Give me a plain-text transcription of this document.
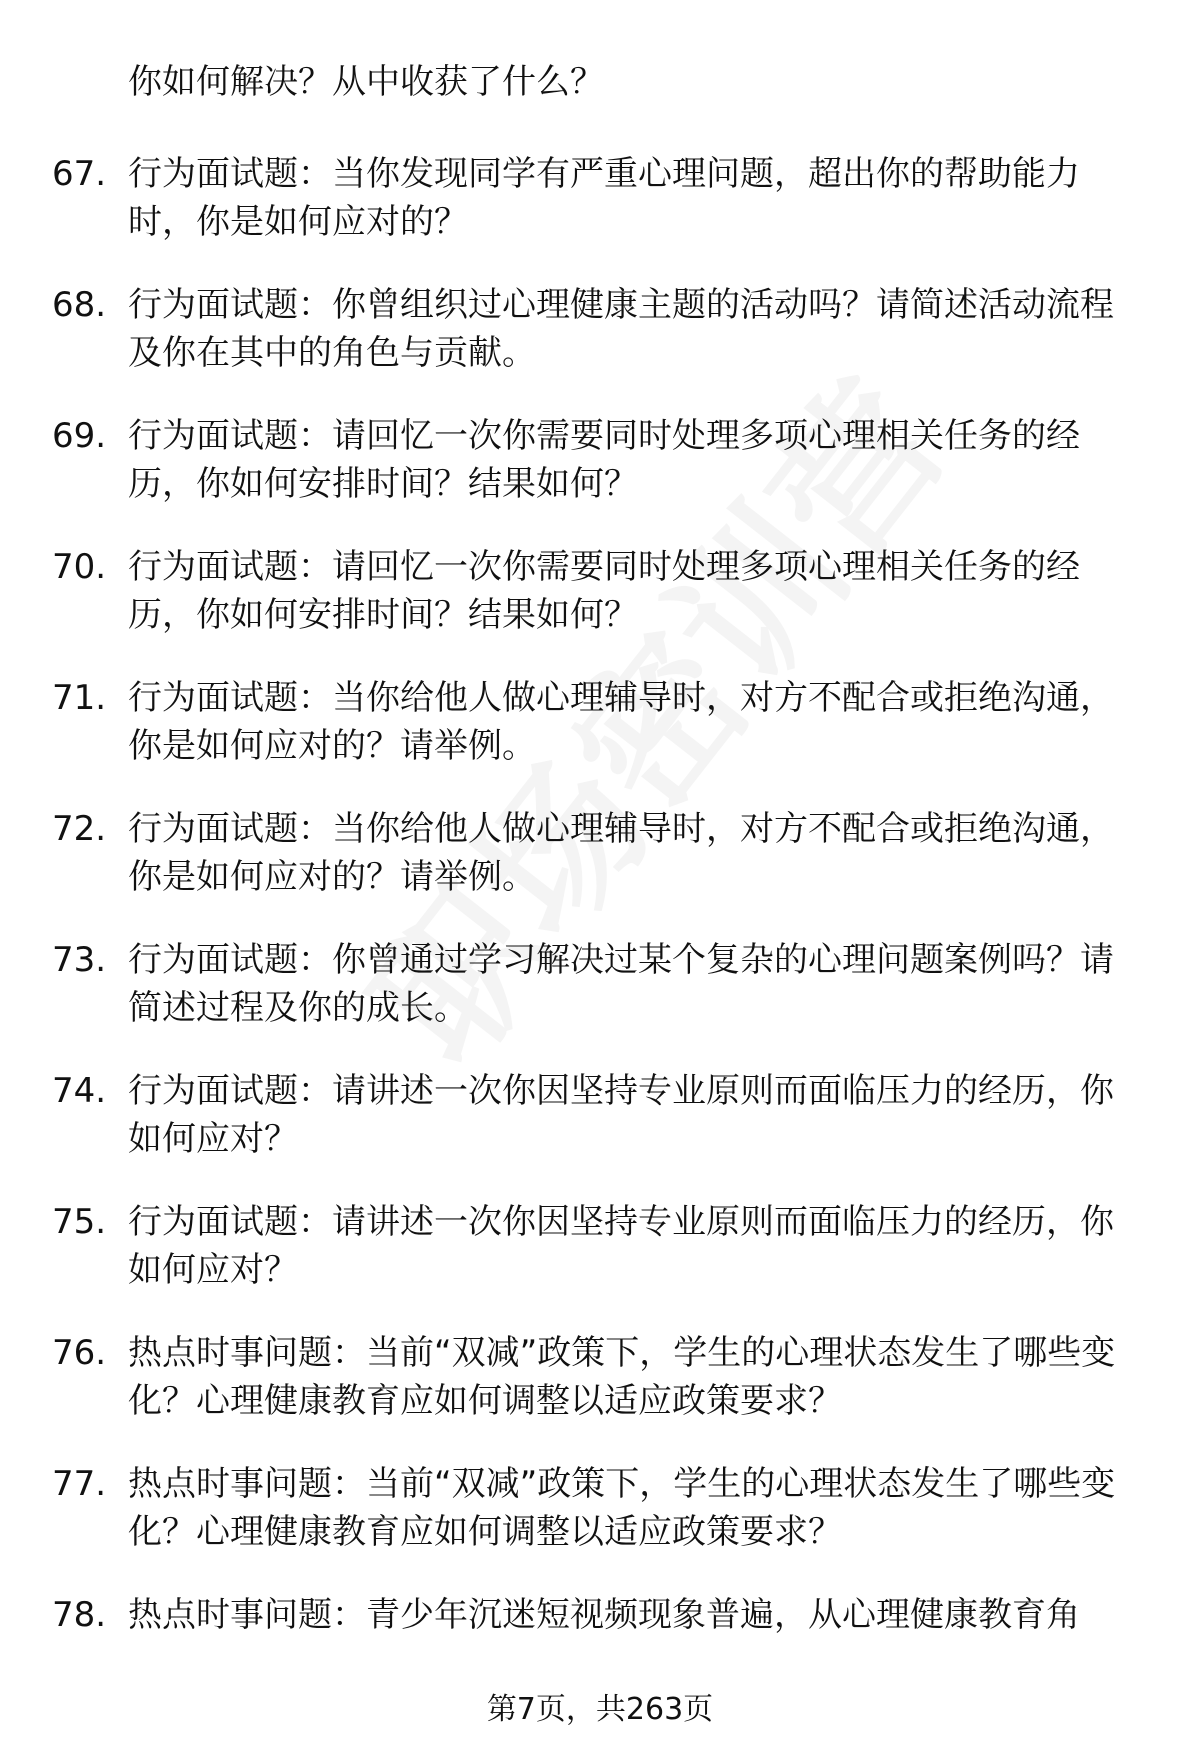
你如何解决？从中收获了什么？

67. 行为面试题：当你发现同学有严重心理问题，超出你的帮助能力时，你是如何应对的？

68. 行为面试题：你曾组织过心理健康主题的活动吗？请简述活动流程及你在其中的角色与贡献。

69. 行为面试题：请回忆一次你需要同时处理多项心理相关任务的经历，你如何安排时间？结果如何？

70. 行为面试题：请回忆一次你需要同时处理多项心理相关任务的经历，你如何安排时间？结果如何？

71. 行为面试题：当你给他人做心理辅导时，对方不配合或拒绝沟通，你是如何应对的？请举例。

72. 行为面试题：当你给他人做心理辅导时，对方不配合或拒绝沟通，你是如何应对的？请举例。

73. 行为面试题：你曾通过学习解决过某个复杂的心理问题案例吗？请简述过程及你的成长。

74. 行为面试题：请讲述一次你因坚持专业原则而面临压力的经历，你如何应对？

75. 行为面试题：请讲述一次你因坚持专业原则而面临压力的经历，你如何应对？

76. 热点时事问题：当前“双减”政策下，学生的心理状态发生了哪些变化？心理健康教育应如何调整以适应政策要求？

77. 热点时事问题：当前“双减”政策下，学生的心理状态发生了哪些变化？心理健康教育应如何调整以适应政策要求？

78. 热点时事问题：青少年沉迷短视频现象普遍，从心理健康教育角

第7页，共263页
